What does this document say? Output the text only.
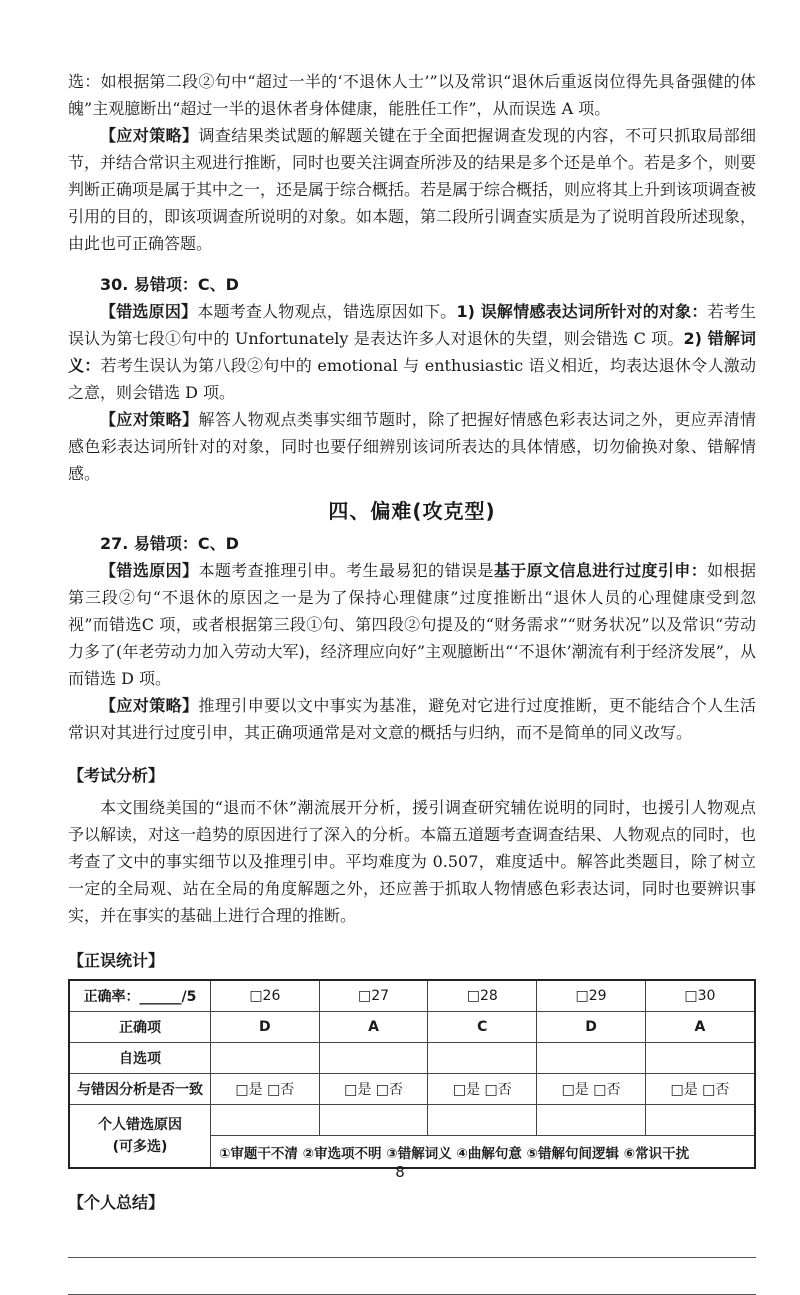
选：如根据第二段②句中“超过一半的‘不退休人士’”以及常识“退休后重返岗位得先具备强健的体魄”主观臆断出“超过一半的退休者身体健康，能胜任工作”，从而误选 A 项。

【应对策略】调查结果类试题的解题关键在于全面把握调查发现的内容，不可只抓取局部细节，并结合常识主观进行推断，同时也要关注调查所涉及的结果是多个还是单个。若是多个，则要判断正确项是属于其中之一，还是属于综合概括。若是属于综合概括，则应将其上升到该项调查被引用的目的，即该项调查所说明的对象。如本题，第二段所引调查实质是为了说明首段所述现象，由此也可正确答题。

30. 易错项：C、D

【错选原因】本题考查人物观点，错选原因如下。1) 误解情感表达词所针对的对象：若考生误认为第七段①句中的 Unfortunately 是表达许多人对退休的失望，则会错选 C 项。2) 错解词义：若考生误认为第八段②句中的 emotional 与 enthusiastic 语义相近，均表达退休令人激动之意，则会错选 D 项。

【应对策略】解答人物观点类事实细节题时，除了把握好情感色彩表达词之外，更应弄清情感色彩表达词所针对的对象，同时也要仔细辨别该词所表达的具体情感，切勿偷换对象、错解情感。

四、偏难(攻克型)

27. 易错项：C、D

【错选原因】本题考查推理引申。考生最易犯的错误是基于原文信息进行过度引申：如根据第三段②句“不退休的原因之一是为了保持心理健康”过度推断出“退休人员的心理健康受到忽视”而错选C 项，或者根据第三段①句、第四段②句提及的“财务需求”“财务状况”以及常识“劳动力多了(年老劳动力加入劳动大军)，经济理应向好”主观臆断出“‘不退休’潮流有利于经济发展”，从而错选 D 项。

【应对策略】推理引申要以文中事实为基准，避免对它进行过度推断，更不能结合个人生活常识对其进行过度引申，其正确项通常是对文意的概括与归纳，而不是简单的同义改写。

【考试分析】

本文围绕美国的“退而不休”潮流展开分析，援引调查研究辅佐说明的同时，也援引人物观点予以解读，对这一趋势的原因进行了深入的分析。本篇五道题考查调查结果、人物观点的同时，也考查了文中的事实细节以及推理引申。平均难度为 0.507，难度适中。解答此类题目，除了树立一定的全局观、站在全局的角度解题之外，还应善于抓取人物情感色彩表达词，同时也要辨识事实，并在事实的基础上进行合理的推断。

【正误统计】
正确率：______/5	□26	□27	□28	□29	□30
正确项	D	A	C	D	A
自选项					
与错因分析是否一致	□是 □否	□是 □否	□是 □否	□是 □否	□是 □否

个人错选原因
(可多选)					

	①审题干不清 ②审选项不明 ③错解词义 ④曲解句意 ⑤错解句间逻辑 ⑥常识干扰				
【个人总结】
8
